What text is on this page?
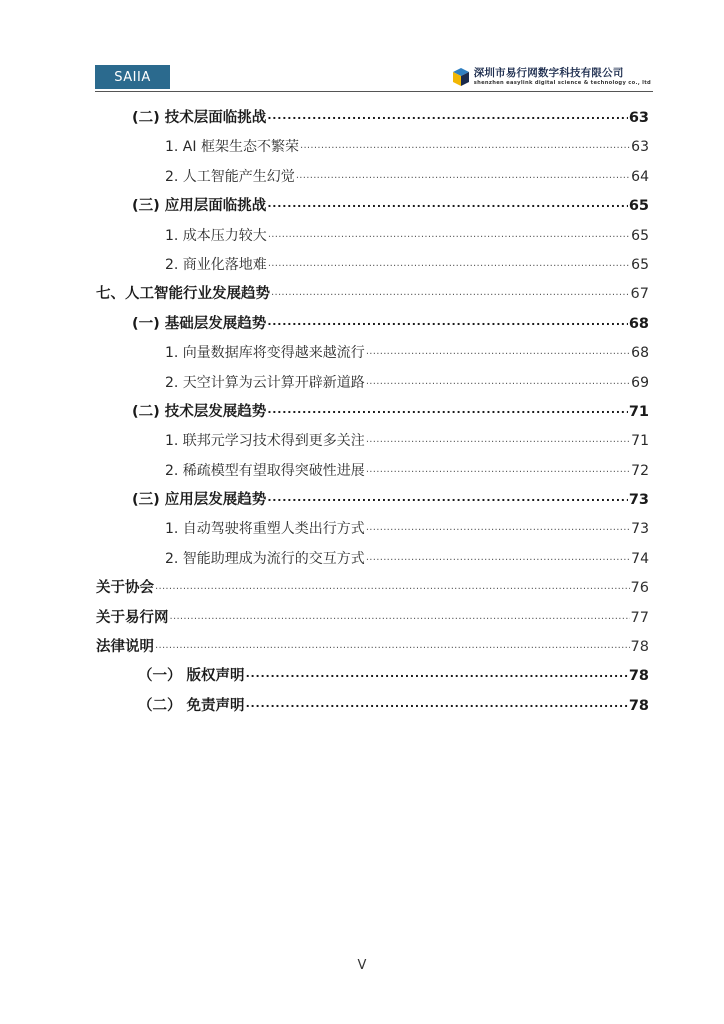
SAIIA	深圳市易行网数字科技有限公司
shenzhen easylink digital science & technology co., ltd
(二) 技术层面临挑战 .....	63
1. AI 框架生态不繁荣 .....	63
2. 人工智能产生幻觉 .....	64
(三) 应用层面临挑战 .....	65
1. 成本压力较大 .....	65
2. 商业化落地难 .....	65
七、人工智能行业发展趋势 .....	67
(一) 基础层发展趋势 .....	68
1. 向量数据库将变得越来越流行 .....	68
2. 天空计算为云计算开辟新道路 .....	69
(二) 技术层发展趋势 .....	71
1. 联邦元学习技术得到更多关注 .....	71
2. 稀疏模型有望取得突破性进展 .....	72
(三) 应用层发展趋势 .....	73
1. 自动驾驶将重塑人类出行方式 .....	73
2. 智能助理成为流行的交互方式 .....	74
关于协会 .....	76
关于易行网 .....	77
法律说明 .....	78
（一） 版权声明 .....	78
（二） 免责声明 .....	78
V
